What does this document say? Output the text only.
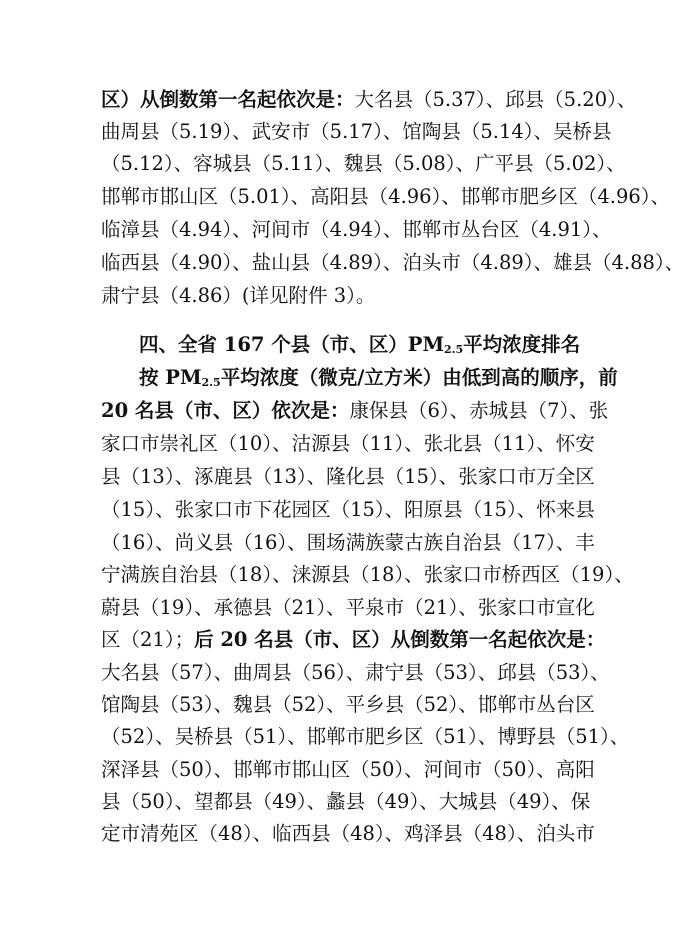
区）从倒数第一名起依次是：大名县（5.37）、邱县（5.20）、
曲周县（5.19）、武安市（5.17）、馆陶县（5.14）、吴桥县
（5.12）、容城县（5.11）、魏县（5.08）、广平县（5.02）、
邯郸市邯山区（5.01）、高阳县（4.96）、邯郸市肥乡区（4.96）、
临漳县（4.94）、河间市（4.94）、邯郸市丛台区（4.91）、
临西县（4.90）、盐山县（4.89）、泊头市（4.89）、雄县（4.88）、
肃宁县（4.86）(详见附件 3）。
四、全省 167 个县（市、区）$PM_{2.5}$平均浓度排名
按 $PM_{2.5}$平均浓度（微克/立方米）由低到高的顺序，前
20 名县（市、区）依次是：康保县（6）、赤城县（7）、张
家口市崇礼区（10）、沽源县（11）、张北县（11）、怀安
县（13）、涿鹿县（13）、隆化县（15）、张家口市万全区
（15）、张家口市下花园区（15）、阳原县（15）、怀来县
（16）、尚义县（16）、围场满族蒙古族自治县（17）、丰
宁满族自治县（18）、涞源县（18）、张家口市桥西区（19）、
蔚县（19）、承德县（21）、平泉市（21）、张家口市宣化
区（21）；后 20 名县（市、区）从倒数第一名起依次是：
大名县（57）、曲周县（56）、肃宁县（53）、邱县（53）、
馆陶县（53）、魏县（52）、平乡县（52）、邯郸市丛台区
（52）、吴桥县（51）、邯郸市肥乡区（51）、博野县（51）、
深泽县（50）、邯郸市邯山区（50）、河间市（50）、高阳
县（50）、望都县（49）、蠡县（49）、大城县（49）、保
定市清苑区（48）、临西县（48）、鸡泽县（48）、泊头市
